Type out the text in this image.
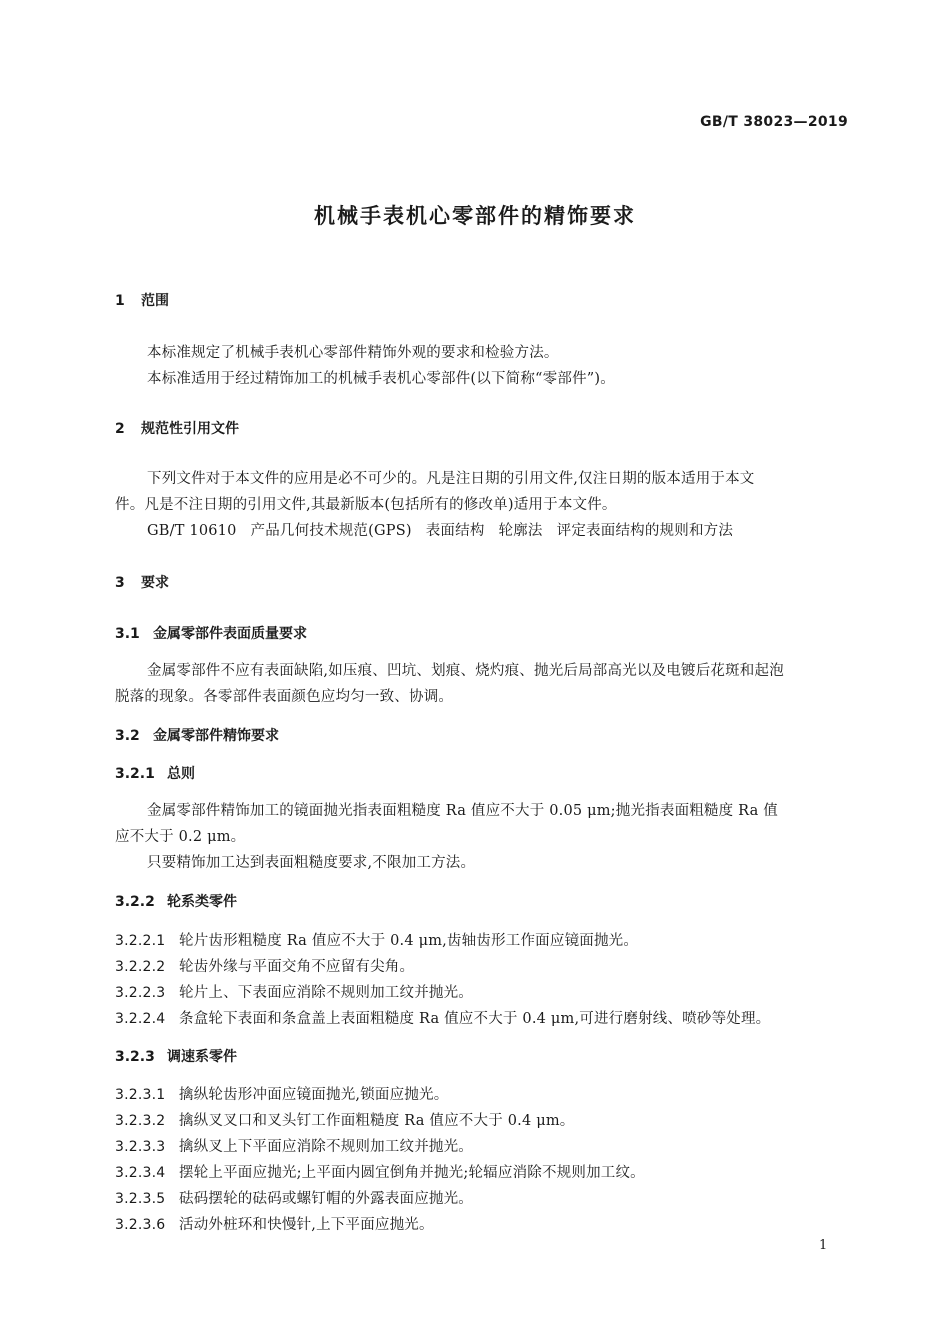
GB/T 38023—2019
机械手表机心零部件的精饰要求
1 范围
本标准规定了机械手表机心零部件精饰外观的要求和检验方法。
本标准适用于经过精饰加工的机械手表机心零部件(以下简称“零部件”)。
2 规范性引用文件
下列文件对于本文件的应用是必不可少的。凡是注日期的引用文件,仅注日期的版本适用于本文
件。凡是不注日期的引用文件,其最新版本(包括所有的修改单)适用于本文件。
GB/T 10610 产品几何技术规范(GPS) 表面结构 轮廓法 评定表面结构的规则和方法
3 要求
3.1 金属零部件表面质量要求
金属零部件不应有表面缺陷,如压痕、凹坑、划痕、烧灼痕、抛光后局部高光以及电镀后花斑和起泡
脱落的现象。各零部件表面颜色应均匀一致、协调。
3.2 金属零部件精饰要求
3.2.1 总则
金属零部件精饰加工的镜面抛光指表面粗糙度 Ra 值应不大于 0.05 μm;抛光指表面粗糙度 Ra 值
应不大于 0.2 μm。
只要精饰加工达到表面粗糙度要求,不限加工方法。
3.2.2 轮系类零件
3.2.2.1 轮片齿形粗糙度 Ra 值应不大于 0.4 μm,齿轴齿形工作面应镜面抛光。
3.2.2.2 轮齿外缘与平面交角不应留有尖角。
3.2.2.3 轮片上、下表面应消除不规则加工纹并抛光。
3.2.2.4 条盒轮下表面和条盒盖上表面粗糙度 Ra 值应不大于 0.4 μm,可进行磨射线、喷砂等处理。
3.2.3 调速系零件
3.2.3.1 擒纵轮齿形冲面应镜面抛光,锁面应抛光。
3.2.3.2 擒纵叉叉口和叉头钉工作面粗糙度 Ra 值应不大于 0.4 μm。
3.2.3.3 擒纵叉上下平面应消除不规则加工纹并抛光。
3.2.3.4 摆轮上平面应抛光;上平面内圆宜倒角并抛光;轮辐应消除不规则加工纹。
3.2.3.5 砝码摆轮的砝码或螺钉帽的外露表面应抛光。
3.2.3.6 活动外桩环和快慢针,上下平面应抛光。
1
